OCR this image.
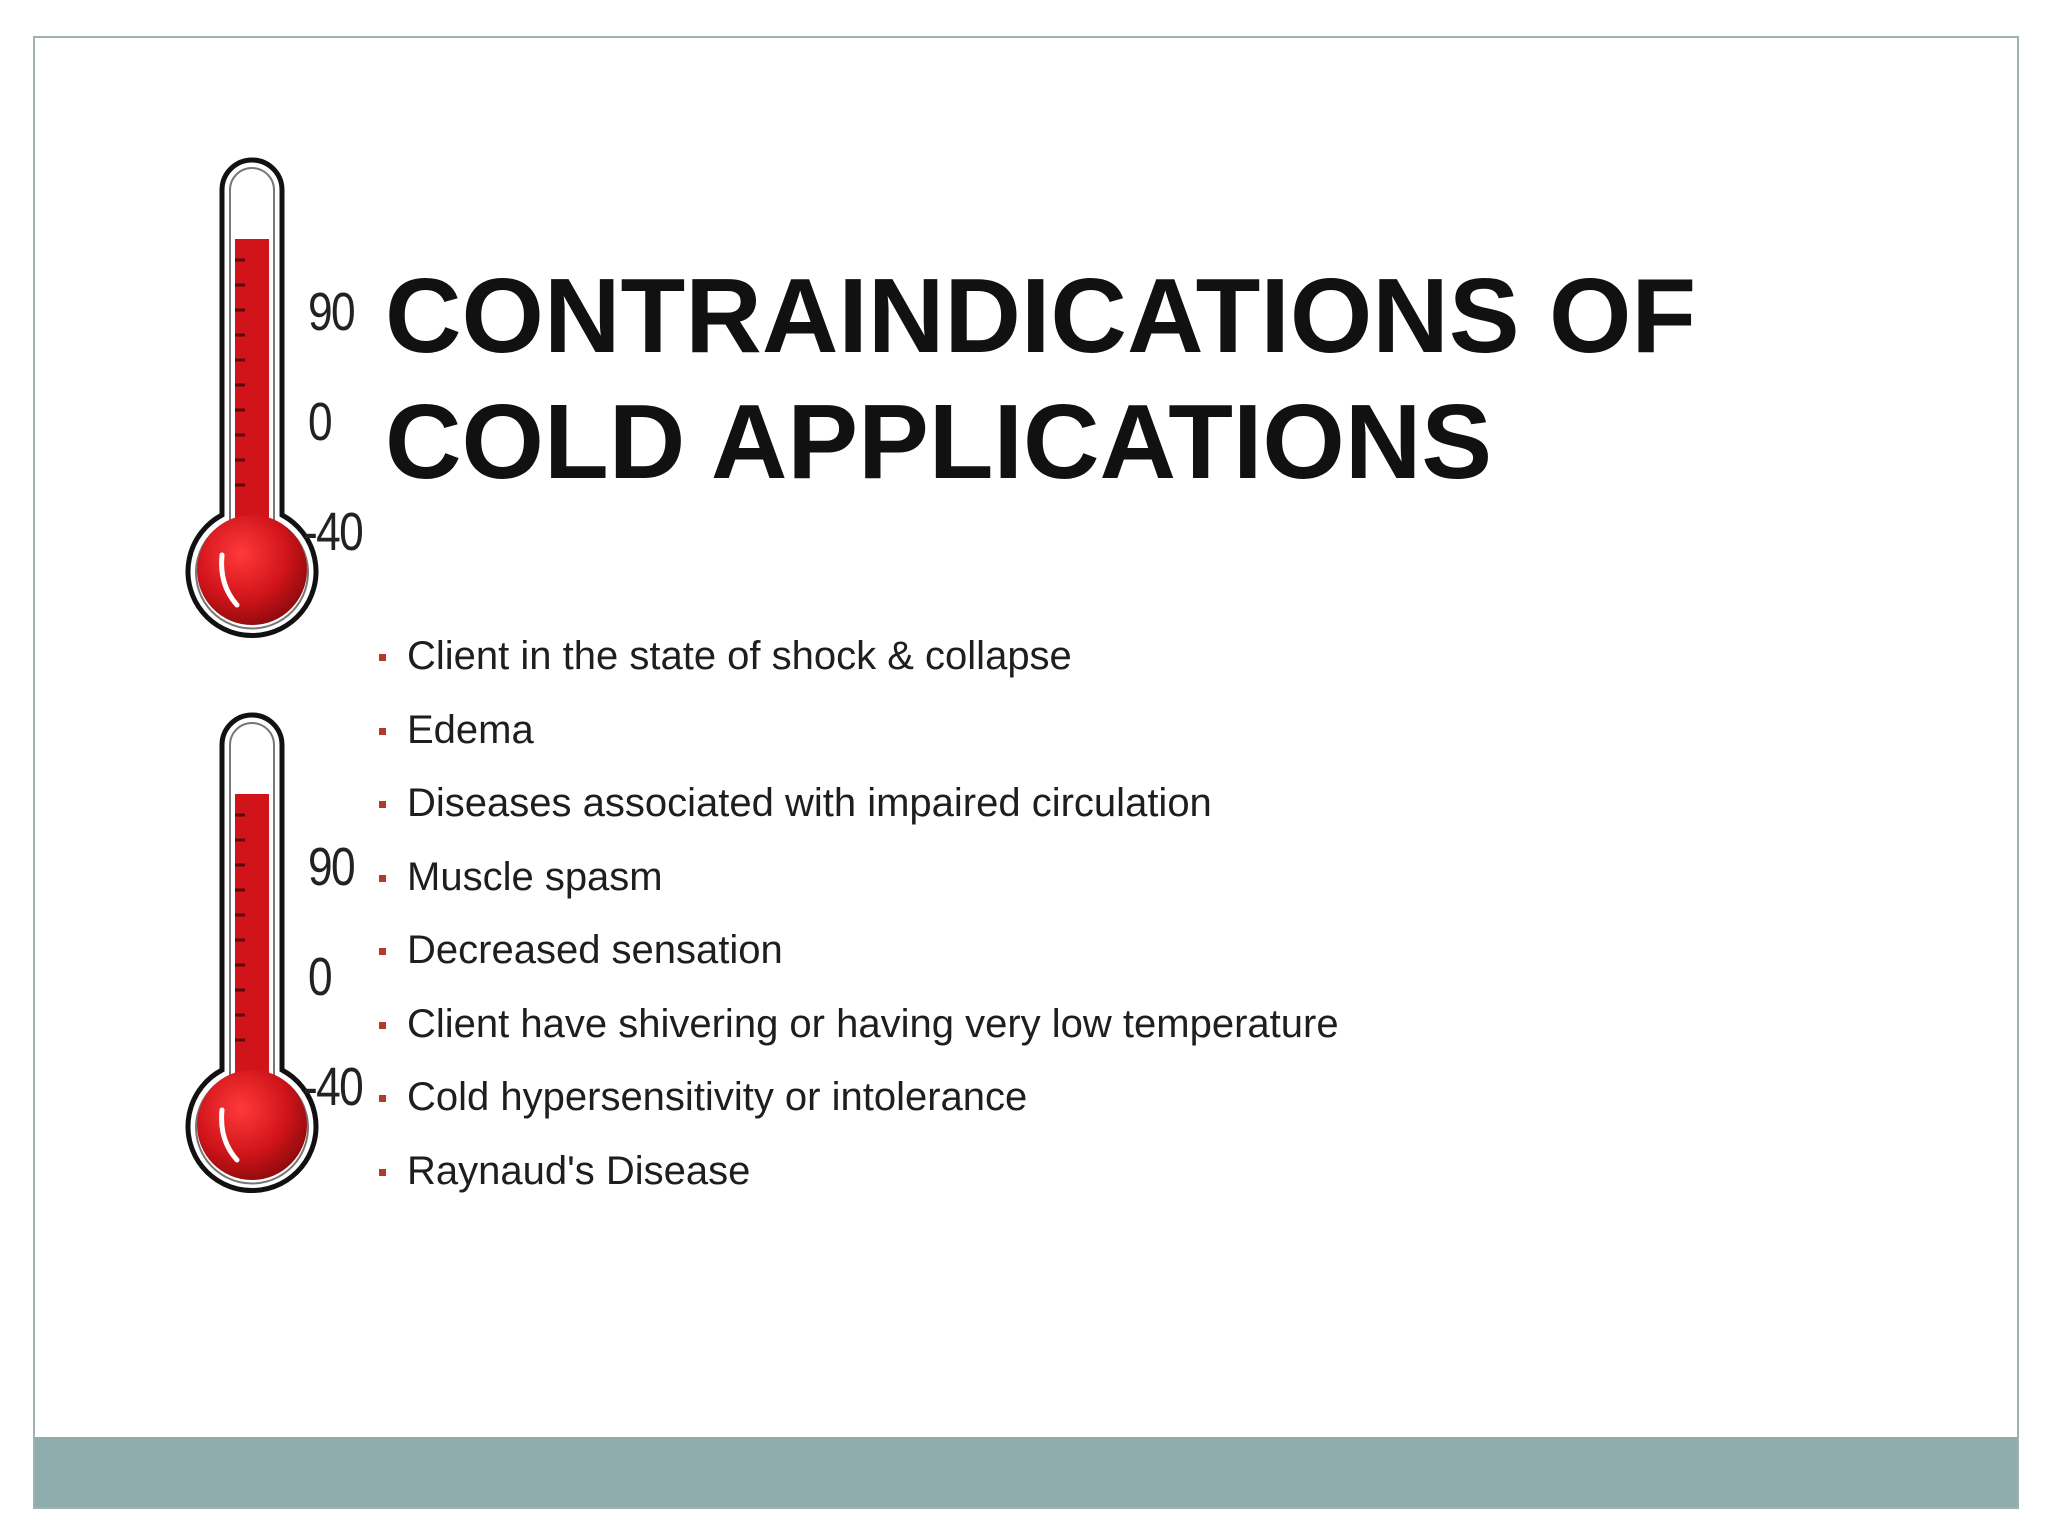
90
0
-40
90
0
-40
CONTRAINDICATIONS OF
COLD APPLICATIONS
Client in the state of shock & collapse
Edema
Diseases associated with impaired circulation
Muscle spasm
Decreased sensation
Client have shivering or having very low temperature
Cold hypersensitivity or intolerance
Raynaud's Disease
